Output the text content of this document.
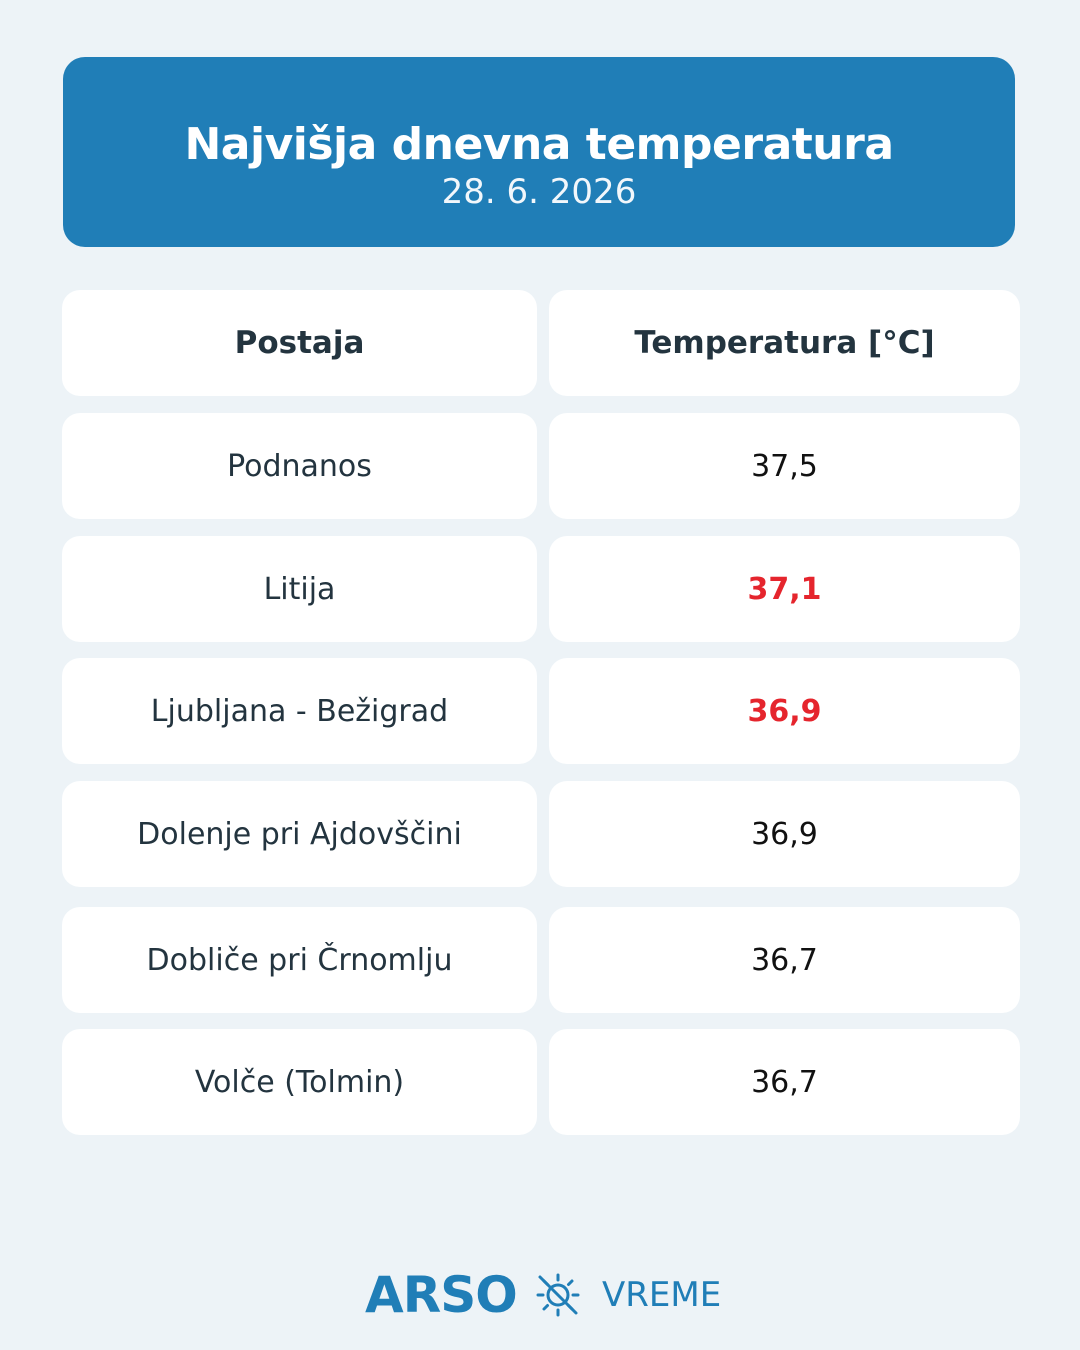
Najvišja dnevna temperatura
28. 6. 2026
Postaja	Temperatura [°C]
Podnanos	37,5
Litija	37,1
Ljubljana - Bežigrad	36,9
Dolenje pri Ajdovščini	36,9
Dobliče pri Črnomlju	36,7
Volče (Tolmin)	36,7
ARSO	VREME
